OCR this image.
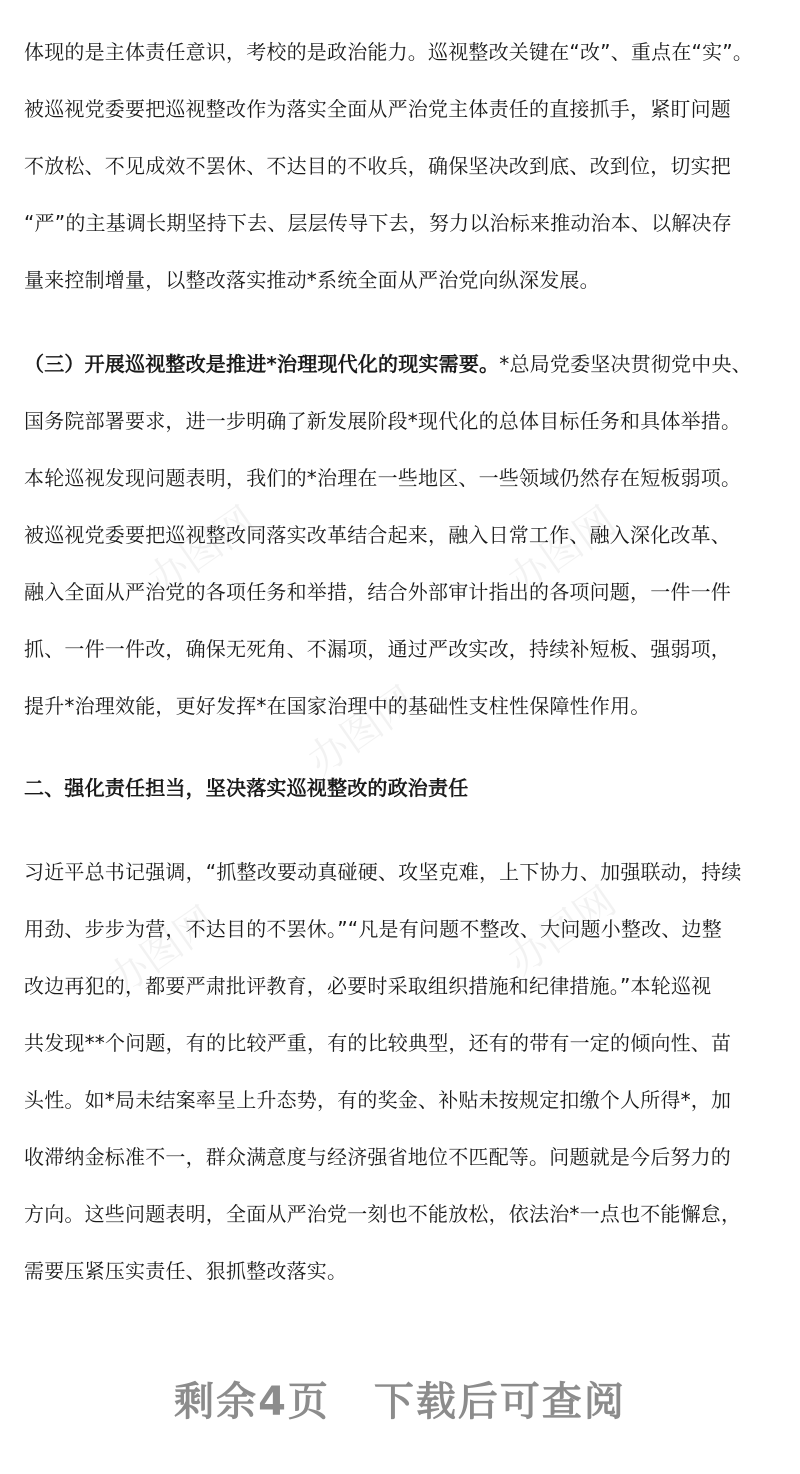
办图网	办图网
办图网
办图网	办图网
体现的是主体责任意识，考校的是政治能力。巡视整改关键在“改”、重点在“实”。
被巡视党委要把巡视整改作为落实全面从严治党主体责任的直接抓手，紧盯问题
不放松、不见成效不罢休、不达目的不收兵，确保坚决改到底、改到位，切实把
“严”的主基调长期坚持下去、层层传导下去，努力以治标来推动治本、以解决存
量来控制增量，以整改落实推动*系统全面从严治党向纵深发展。
（三）开展巡视整改是推进*治理现代化的现实需要。*总局党委坚决贯彻党中央、
国务院部署要求，进一步明确了新发展阶段*现代化的总体目标任务和具体举措。
本轮巡视发现问题表明，我们的*治理在一些地区、一些领域仍然存在短板弱项。
被巡视党委要把巡视整改同落实改革结合起来，融入日常工作、融入深化改革、
融入全面从严治党的各项任务和举措，结合外部审计指出的各项问题，一件一件
抓、一件一件改，确保无死角、不漏项，通过严改实改，持续补短板、强弱项，
提升*治理效能，更好发挥*在国家治理中的基础性支柱性保障性作用。
二、强化责任担当，坚决落实巡视整改的政治责任
习近平总书记强调，“抓整改要动真碰硬、攻坚克难，上下协力、加强联动，持续
用劲、步步为营，不达目的不罢休。”“凡是有问题不整改、大问题小整改、边整
改边再犯的，都要严肃批评教育，必要时采取组织措施和纪律措施。”本轮巡视
共发现**个问题，有的比较严重，有的比较典型，还有的带有一定的倾向性、苗
头性。如*局未结案率呈上升态势，有的奖金、补贴未按规定扣缴个人所得*，加
收滞纳金标准不一，群众满意度与经济强省地位不匹配等。问题就是今后努力的
方向。这些问题表明，全面从严治党一刻也不能放松，依法治*一点也不能懈怠，
需要压紧压实责任、狠抓整改落实。
剩余4页 下载后可查阅
